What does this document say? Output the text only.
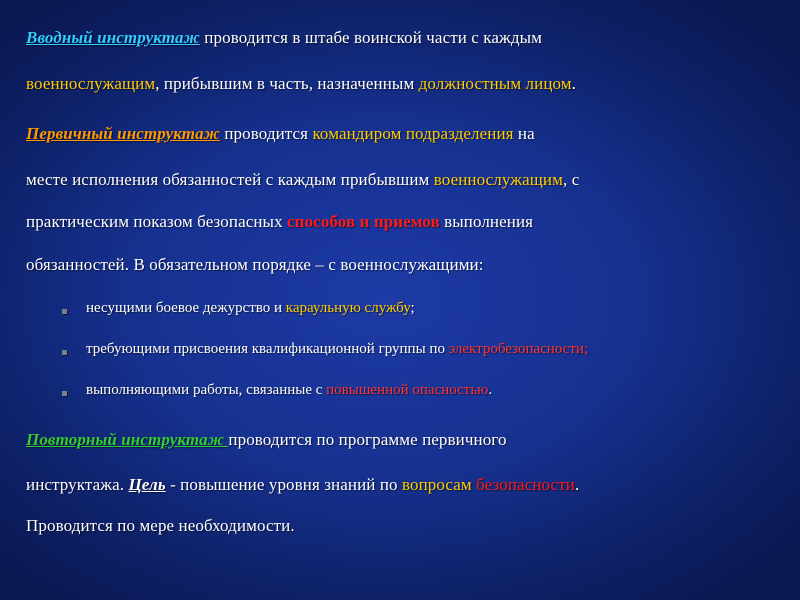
Вводный инструктаж проводится в штабе воинской части с каждым
военнослужащим, прибывшим в часть, назначенным должностным лицом.
Первичный инструктаж проводится командиром подразделения на
месте исполнения обязанностей с каждым прибывшим военнослужащим, с
практическим показом безопасных способов и приемов выполнения
обязанностей. В обязательном порядке – с военнослужащими:
несущими боевое дежурство и караульную службу;
требующими присвоения квалификационной группы по электробезопасности;
выполняющими работы, связанные с повышенной опасностью.
Повторный инструктаж проводится по программе первичного
инструктажа. Цель - повышение уровня знаний по вопросам безопасности.
Проводится по мере необходимости.
